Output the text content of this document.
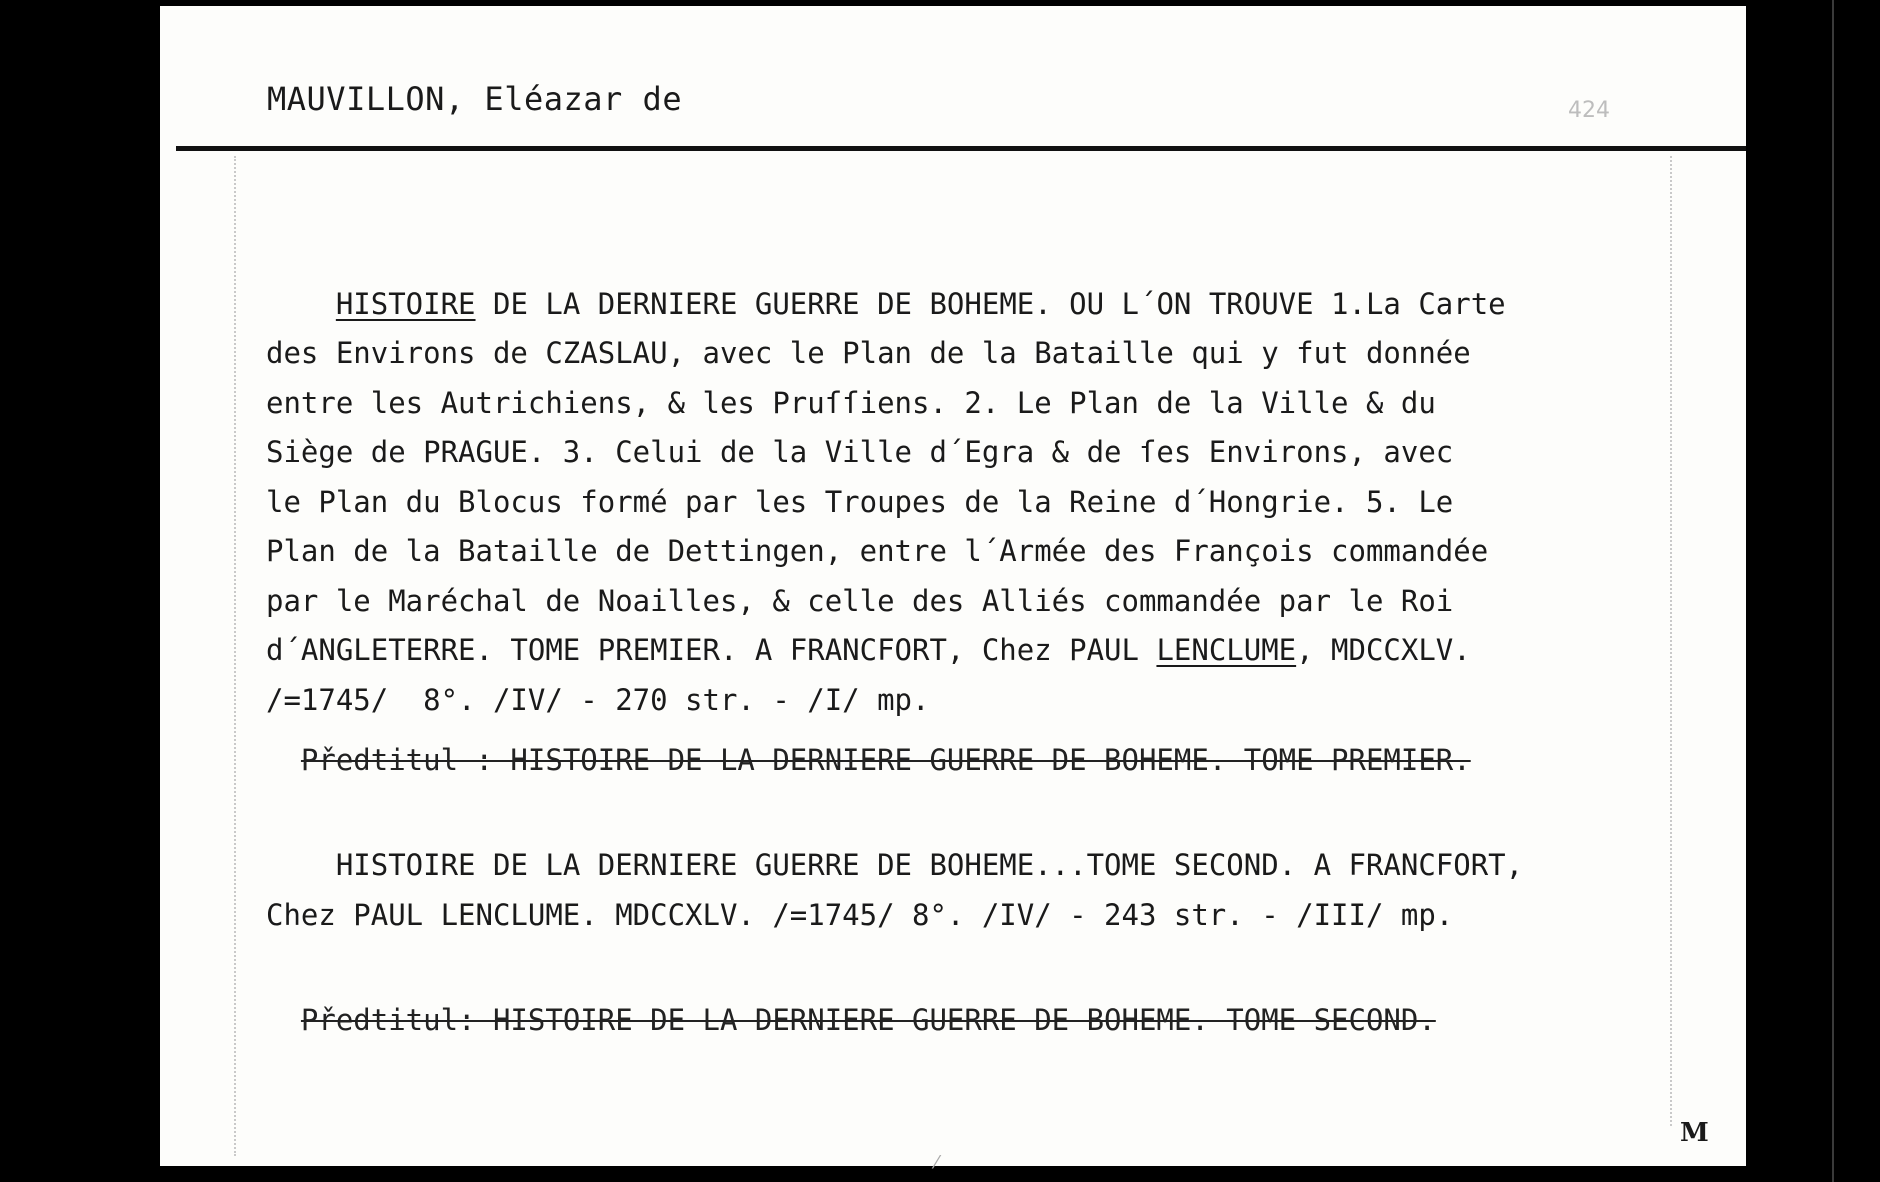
MAUVILLON, Eléazar de	424

HISTOIRE DE LA DERNIERE GUERRE DE BOHEME. OU L´ON TROUVE 1.La Carte
des Environs de CZASLAU, avec le Plan de la Bataille qui y fut donnée
entre les Autrichiens, & les Pruſſiens. 2. Le Plan de la Ville & du
Siège de PRAGUE. 3. Celui de la Ville d´Egra & de ſes Environs, avec
le Plan du Blocus formé par les Troupes de la Reine d´Hongrie. 5. Le
Plan de la Bataille de Dettingen, entre l´Armée des François commandée
par le Maréchal de Noailles, & celle des Alliés commandée par le Roi
d´ANGLETERRE. TOME PREMIER. A FRANCFORT, Chez PAUL LENCLUME, MDCCXLV.
/=1745/  8°. /IV/ - 270 str. - /I/ mp.
Předtitul : HISTOIRE DE LA DERNIERE GUERRE DE BOHEME. TOME PREMIER.
HISTOIRE DE LA DERNIERE GUERRE DE BOHEME...TOME SECOND. A FRANCFORT,
Chez PAUL LENCLUME. MDCCXLV. /=1745/ 8°. /IV/ - 243 str. - /III/ mp.
Předtitul: HISTOIRE DE LA DERNIERE GUERRE DE BOHEME. TOME SECOND.
M
⁄
